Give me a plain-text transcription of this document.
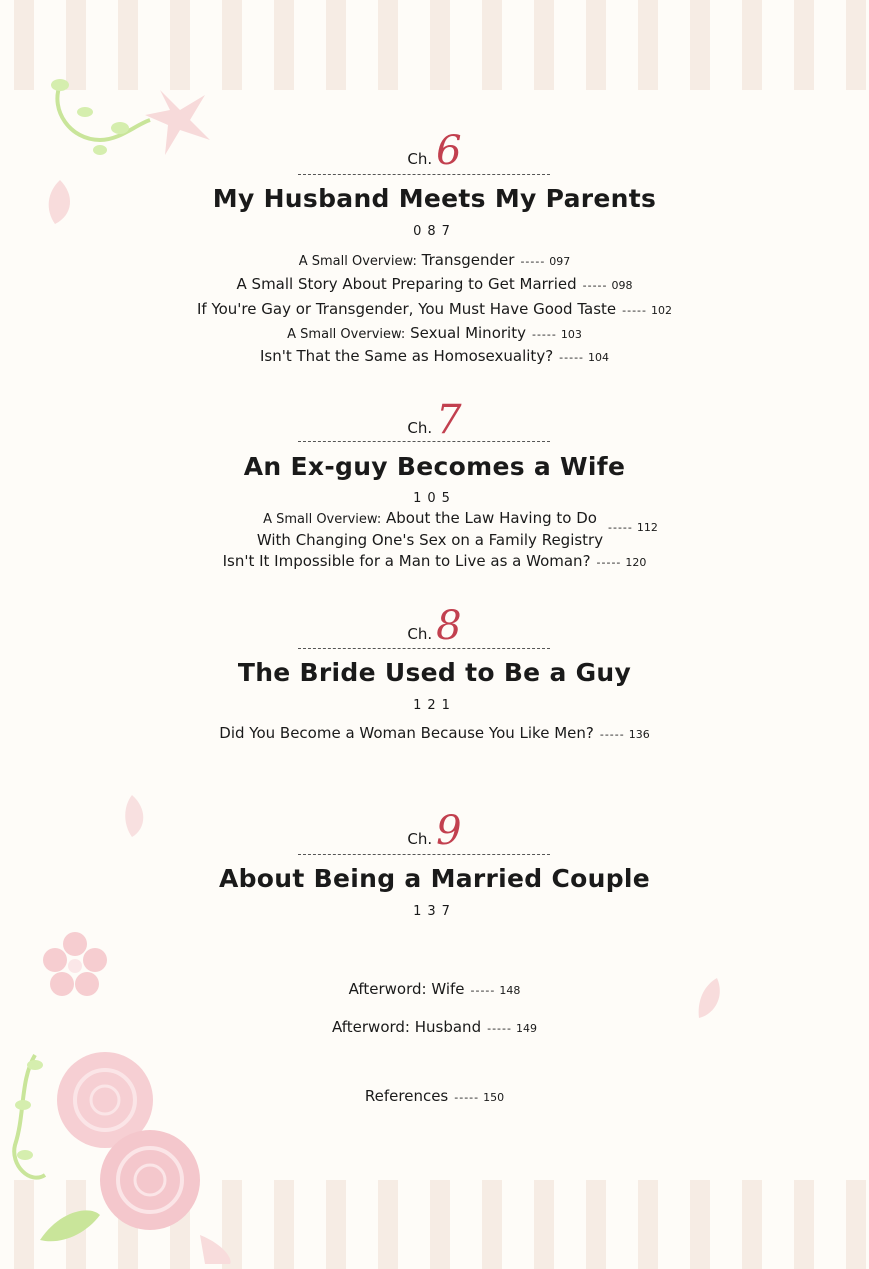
Ch. 6
My Husband Meets My Parents
087
A Small Overview: Transgender ----- 097
A Small Story About Preparing to Get Married ----- 098
If You're Gay or Transgender, You Must Have Good Taste ----- 102
A Small Overview: Sexual Minority ----- 103
Isn't That the Same as Homosexuality? ----- 104
Ch. 7
An Ex-guy Becomes a Wife
105
A Small Overview: About the Law Having to Do
With Changing One's Sex on a Family Registry
----- 112
Isn't It Impossible for a Man to Live as a Woman? ----- 120
Ch. 8
The Bride Used to Be a Guy
121
Did You Become a Woman Because You Like Men? ----- 136
Ch. 9
About Being a Married Couple
137
Afterword: Wife ----- 148
Afterword: Husband ----- 149
References ----- 150
